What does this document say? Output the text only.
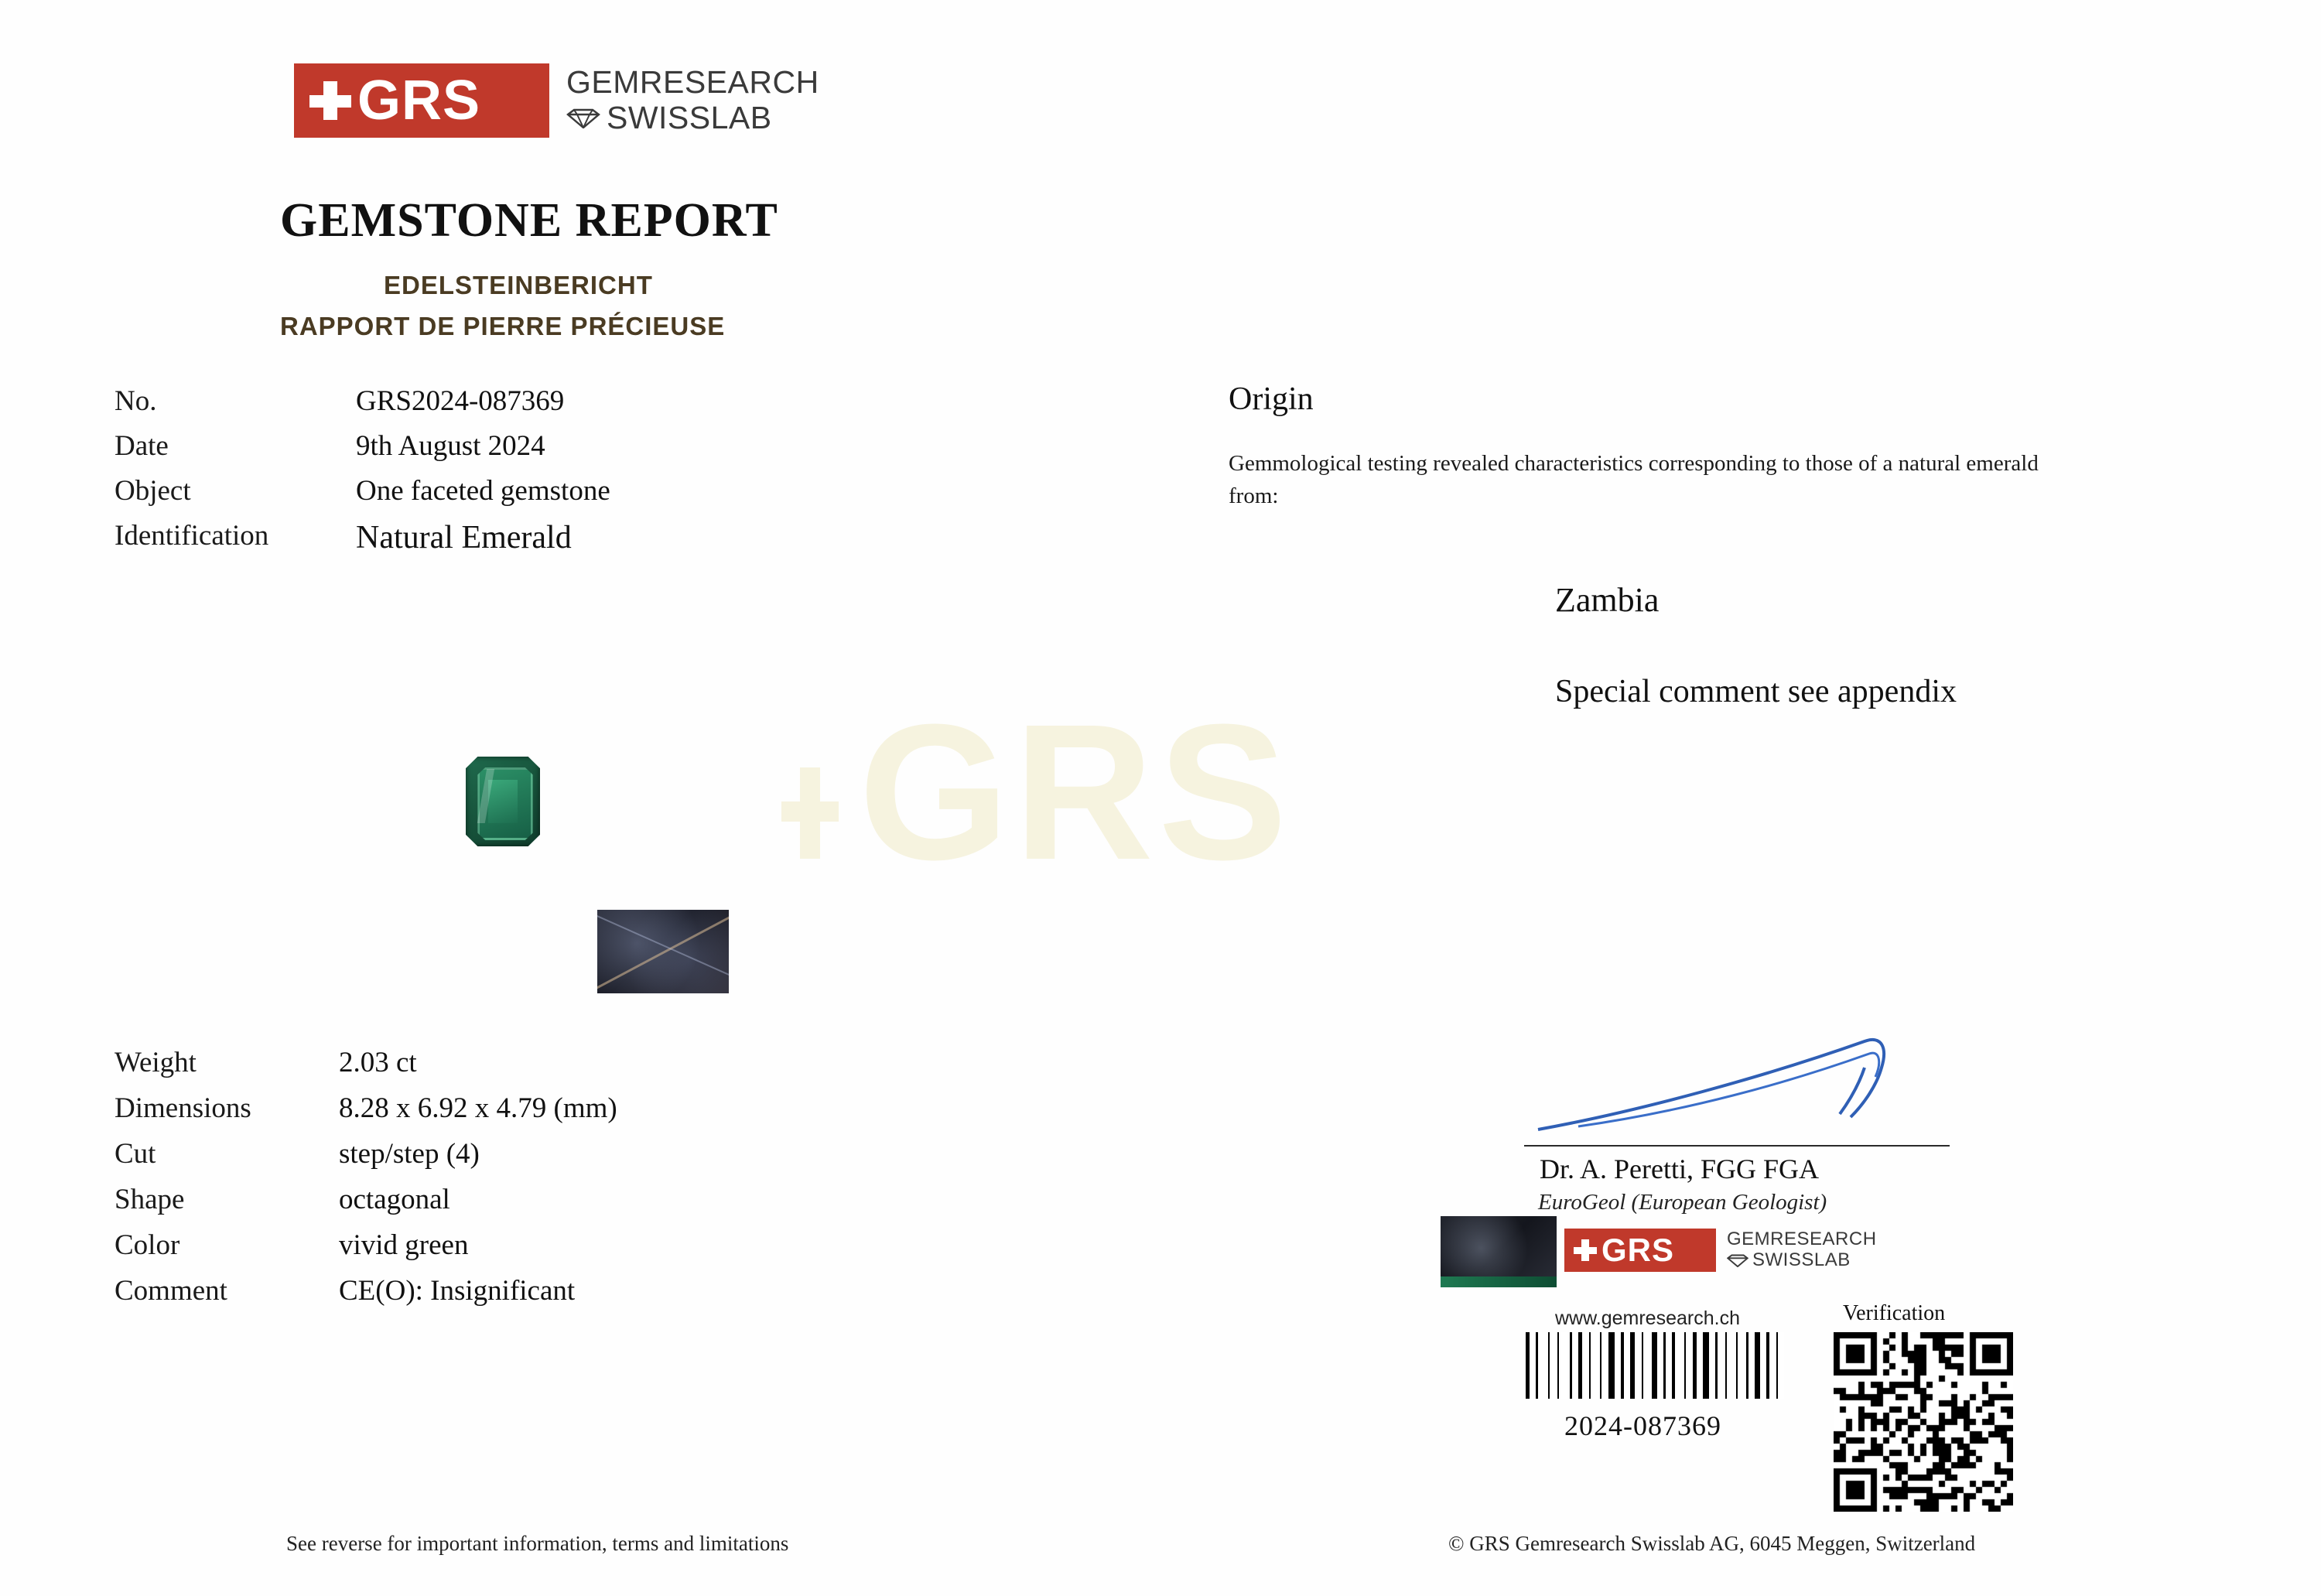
GRS
GRS	GEMRESEARCH
SWISSLAB
GEMSTONE REPORT
EDELSTEINBERICHT
RAPPORT DE PIERRE PRÉCIEUSE
No.	GRS2024-087369
Date	9th August 2024
Object	One faceted gemstone
Identification	Natural Emerald
Origin
Gemmological testing revealed characteristics corresponding to those of a natural emerald from:
Zambia
Special comment see appendix
Weight	2.03 ct
Dimensions	8.28 x 6.92 x 4.79 (mm)
Cut	step/step (4)
Shape	octagonal
Color	vivid green
Comment	CE(O): Insignificant
Dr. A. Peretti, FGG FGA
EuroGeol (European Geologist)
GRS	GEMRESEARCH
SWISSLAB
www.gemresearch.ch	Verification
2024-087369
See reverse for important information, terms and limitations	© GRS Gemresearch Swisslab AG, 6045 Meggen, Switzerland
